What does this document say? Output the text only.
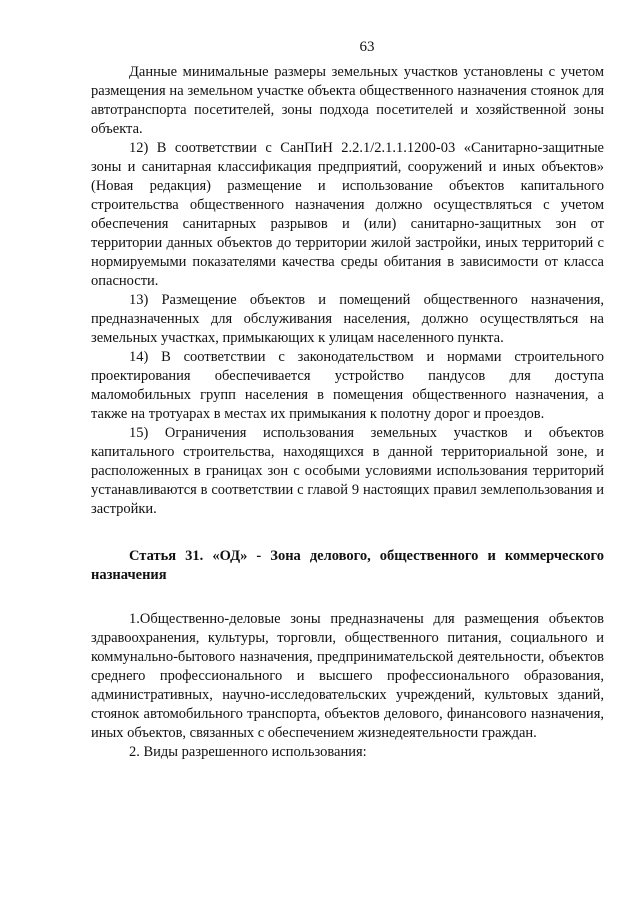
63

Данные минимальные размеры земельных участков установлены с учетом размещения на земельном участке объекта общественного назначения стоянок для автотранспорта посетителей, зоны подхода посетителей и хозяйственной зоны объекта.

12) В соответствии с СанПиН 2.2.1/2.1.1.1200-03 «Санитарно-защитные зоны и санитарная классификация предприятий, сооружений и иных объектов» (Новая редакция) размещение и использование объектов капитального строительства общественного назначения должно осуществляться с учетом обеспечения санитарных разрывов и (или) санитарно-защитных зон от территории данных объектов до территории жилой застройки, иных территорий с нормируемыми показателями качества среды обитания в зависимости от класса опасности.

13) Размещение объектов и помещений общественного назначения, предназначенных для обслуживания населения, должно осуществляться на земельных участках, примыкающих к улицам населенного пункта.

14) В соответствии с законодательством и нормами строительного проектирования обеспечивается устройство пандусов для доступа маломобильных групп населения в помещения общественного назначения, а также на тротуарах в местах их примыкания к полотну дорог и проездов.

15) Ограничения использования земельных участков и объектов капитального строительства, находящихся в данной территориальной зоне, и расположенных в границах зон с особыми условиями использования территорий устанавливаются в соответствии с главой 9 настоящих правил землепользования и застройки.

Статья 31. «ОД» - Зона делового, общественного и коммерческого назначения

1.Общественно-деловые зоны предназначены для размещения объектов здравоохранения, культуры, торговли, общественного питания, социального и коммунально-бытового назначения, предпринимательской деятельности, объектов среднего профессионального и высшего профессионального образования, административных, научно-исследовательских учреждений, культовых зданий, стоянок автомобильного транспорта, объектов делового, финансового назначения, иных объектов, связанных с обеспечением жизнедеятельности граждан.

2. Виды разрешенного использования:
